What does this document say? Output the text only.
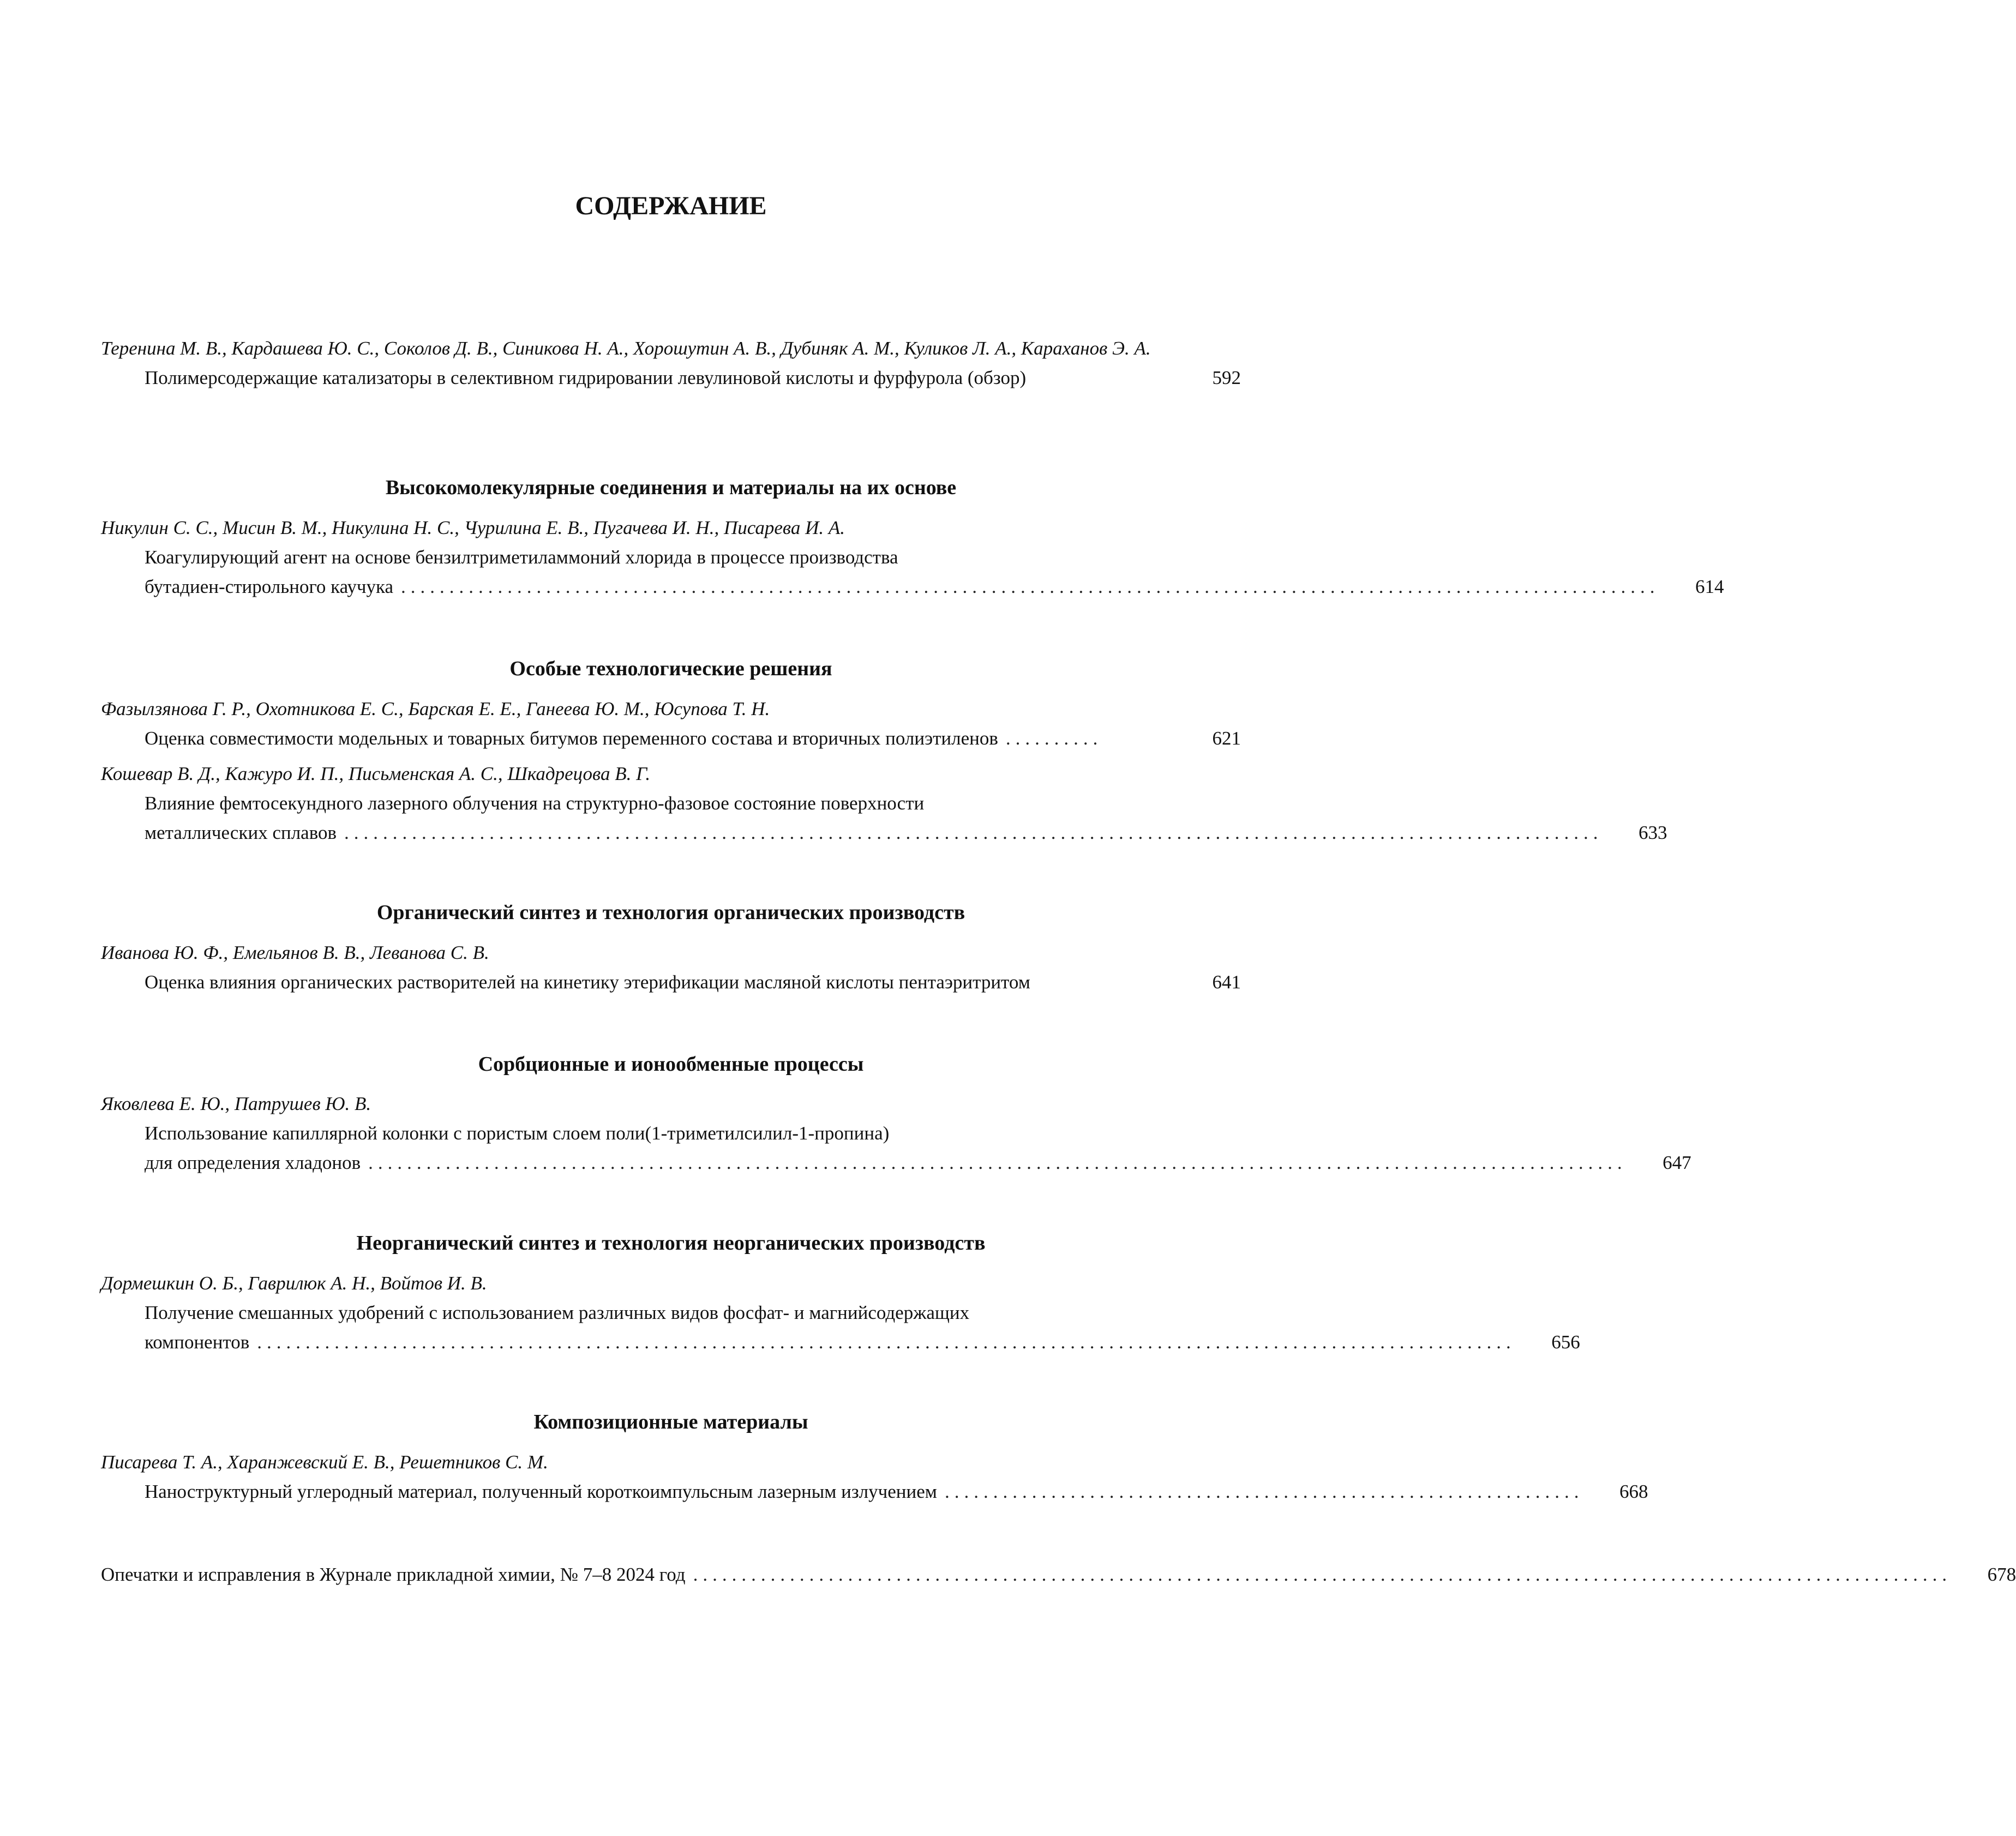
СОДЕРЖАНИЕ
Теренина М. В., Кардашева Ю. С., Соколов Д. В., Синикова Н. А., Хорошутин А. В., Дубиняк А. М., Куликов Л. А., Караханов Э. А.
Полимерсодержащие катализаторы в селективном гидрировании левулиновой кислоты и фурфурола (обзор)	592
Высокомолекулярные соединения и материалы на их основе
Никулин С. С., Мисин В. М., Никулина Н. С., Чурилина Е. В., Пугачева И. Н., Писарева И. А.
Коагулирующий агент на основе бензилтриметиламмоний хлорида в процессе производства
бутадиен-стирольного каучука ..................................................................................................................................	614
Особые технологические решения
Фазылзянова Г. Р., Охотникова Е. С., Барская Е. Е., Ганеева Ю. М., Юсупова Т. Н.
Оценка совместимости модельных и товарных битумов переменного состава и вторичных полиэтиленов ..........	621
Кошевар В. Д., Кажуро И. П., Письменская А. С., Шкадрецова В. Г.
Влияние фемтосекундного лазерного облучения на структурно-фазовое состояние поверхности
металлических сплавов ..................................................................................................................................	633
Органический синтез и технология органических производств
Иванова Ю. Ф., Емельянов В. В., Леванова С. В.
Оценка влияния органических растворителей на кинетику этерификации масляной кислоты пентаэритритом	641
Сорбционные и ионообменные процессы
Яковлева Е. Ю., Патрушев Ю. В.
Использование капиллярной колонки с пористым слоем поли(1-триметилсилил-1-пропина)
для определения хладонов ..................................................................................................................................	647
Неорганический синтез и технология неорганических производств
Дормешкин О. Б., Гаврилюк А. Н., Войтов И. В.
Получение смешанных удобрений с использованием различных видов фосфат- и магнийсодержащих
компонентов ..................................................................................................................................	656
Композиционные материалы
Писарева Т. А., Харанжевский Е. В., Решетников С. М.
Наноструктурный углеродный материал, полученный короткоимпульсным лазерным излучением ..................................................................	668
Опечатки и исправления в Журнале прикладной химии, № 7–8 2024 год ..................................................................................................................................	678
